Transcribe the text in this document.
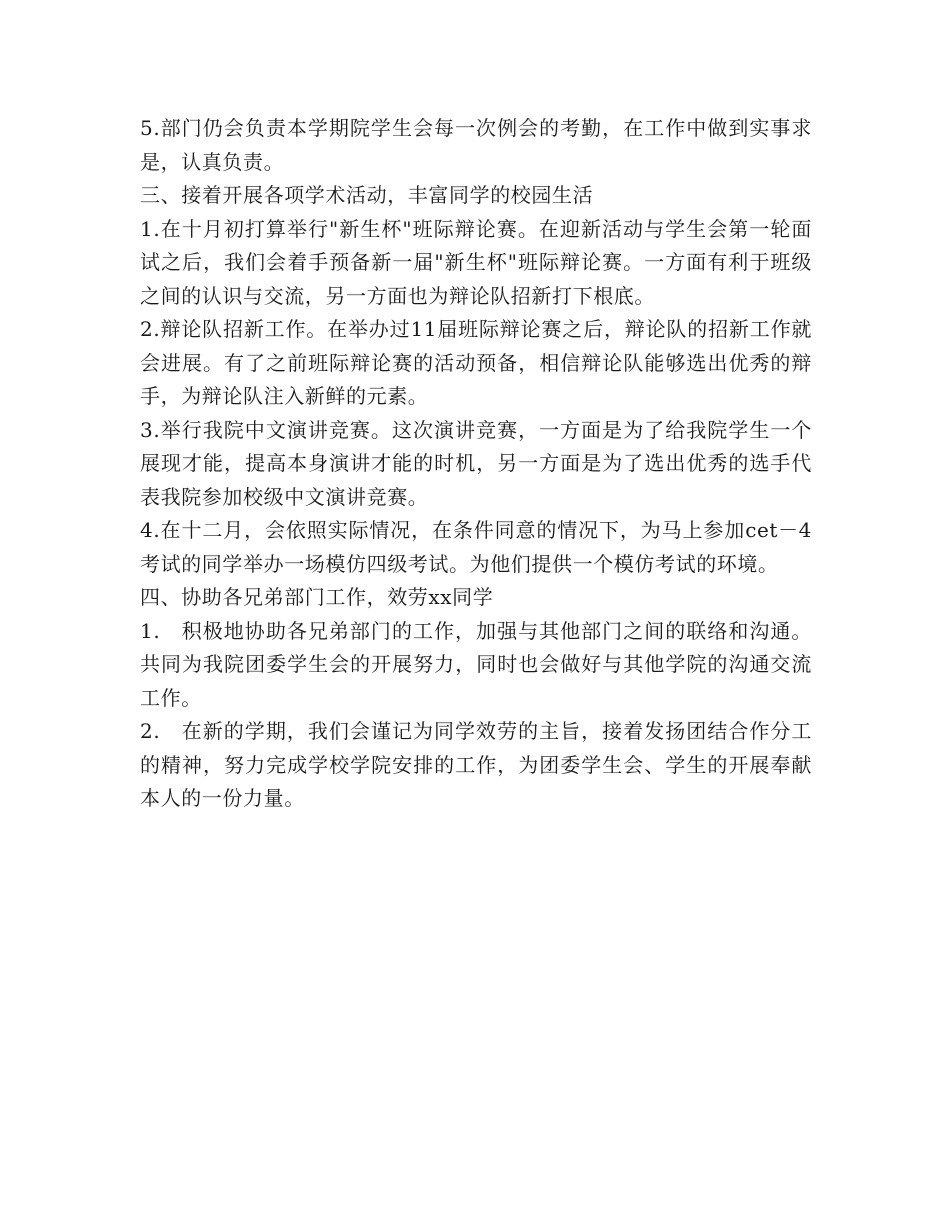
5.部门仍会负责本学期院学生会每一次例会的考勤，在工作中做到实事求是，认真负责。

三、接着开展各项学术活动，丰富同学的校园生活

1.在十月初打算举行"新生杯"班际辩论赛。在迎新活动与学生会第一轮面试之后，我们会着手预备新一届"新生杯"班际辩论赛。一方面有利于班级之间的认识与交流，另一方面也为辩论队招新打下根底。

2.辩论队招新工作。在举办过11届班际辩论赛之后，辩论队的招新工作就会进展。有了之前班际辩论赛的活动预备，相信辩论队能够选出优秀的辩手，为辩论队注入新鲜的元素。

3.举行我院中文演讲竞赛。这次演讲竞赛，一方面是为了给我院学生一个展现才能，提高本身演讲才能的时机，另一方面是为了选出优秀的选手代表我院参加校级中文演讲竞赛。

4.在十二月，会依照实际情况，在条件同意的情况下，为马上参加cet－4考试的同学举办一场模仿四级考试。为他们提供一个模仿考试的环境。

四、协助各兄弟部门工作，效劳xx同学

1.　积极地协助各兄弟部门的工作，加强与其他部门之间的联络和沟通。共同为我院团委学生会的开展努力，同时也会做好与其他学院的沟通交流工作。

2.　在新的学期，我们会谨记为同学效劳的主旨，接着发扬团结合作分工的精神，努力完成学校学院安排的工作，为团委学生会、学生的开展奉献本人的一份力量。
